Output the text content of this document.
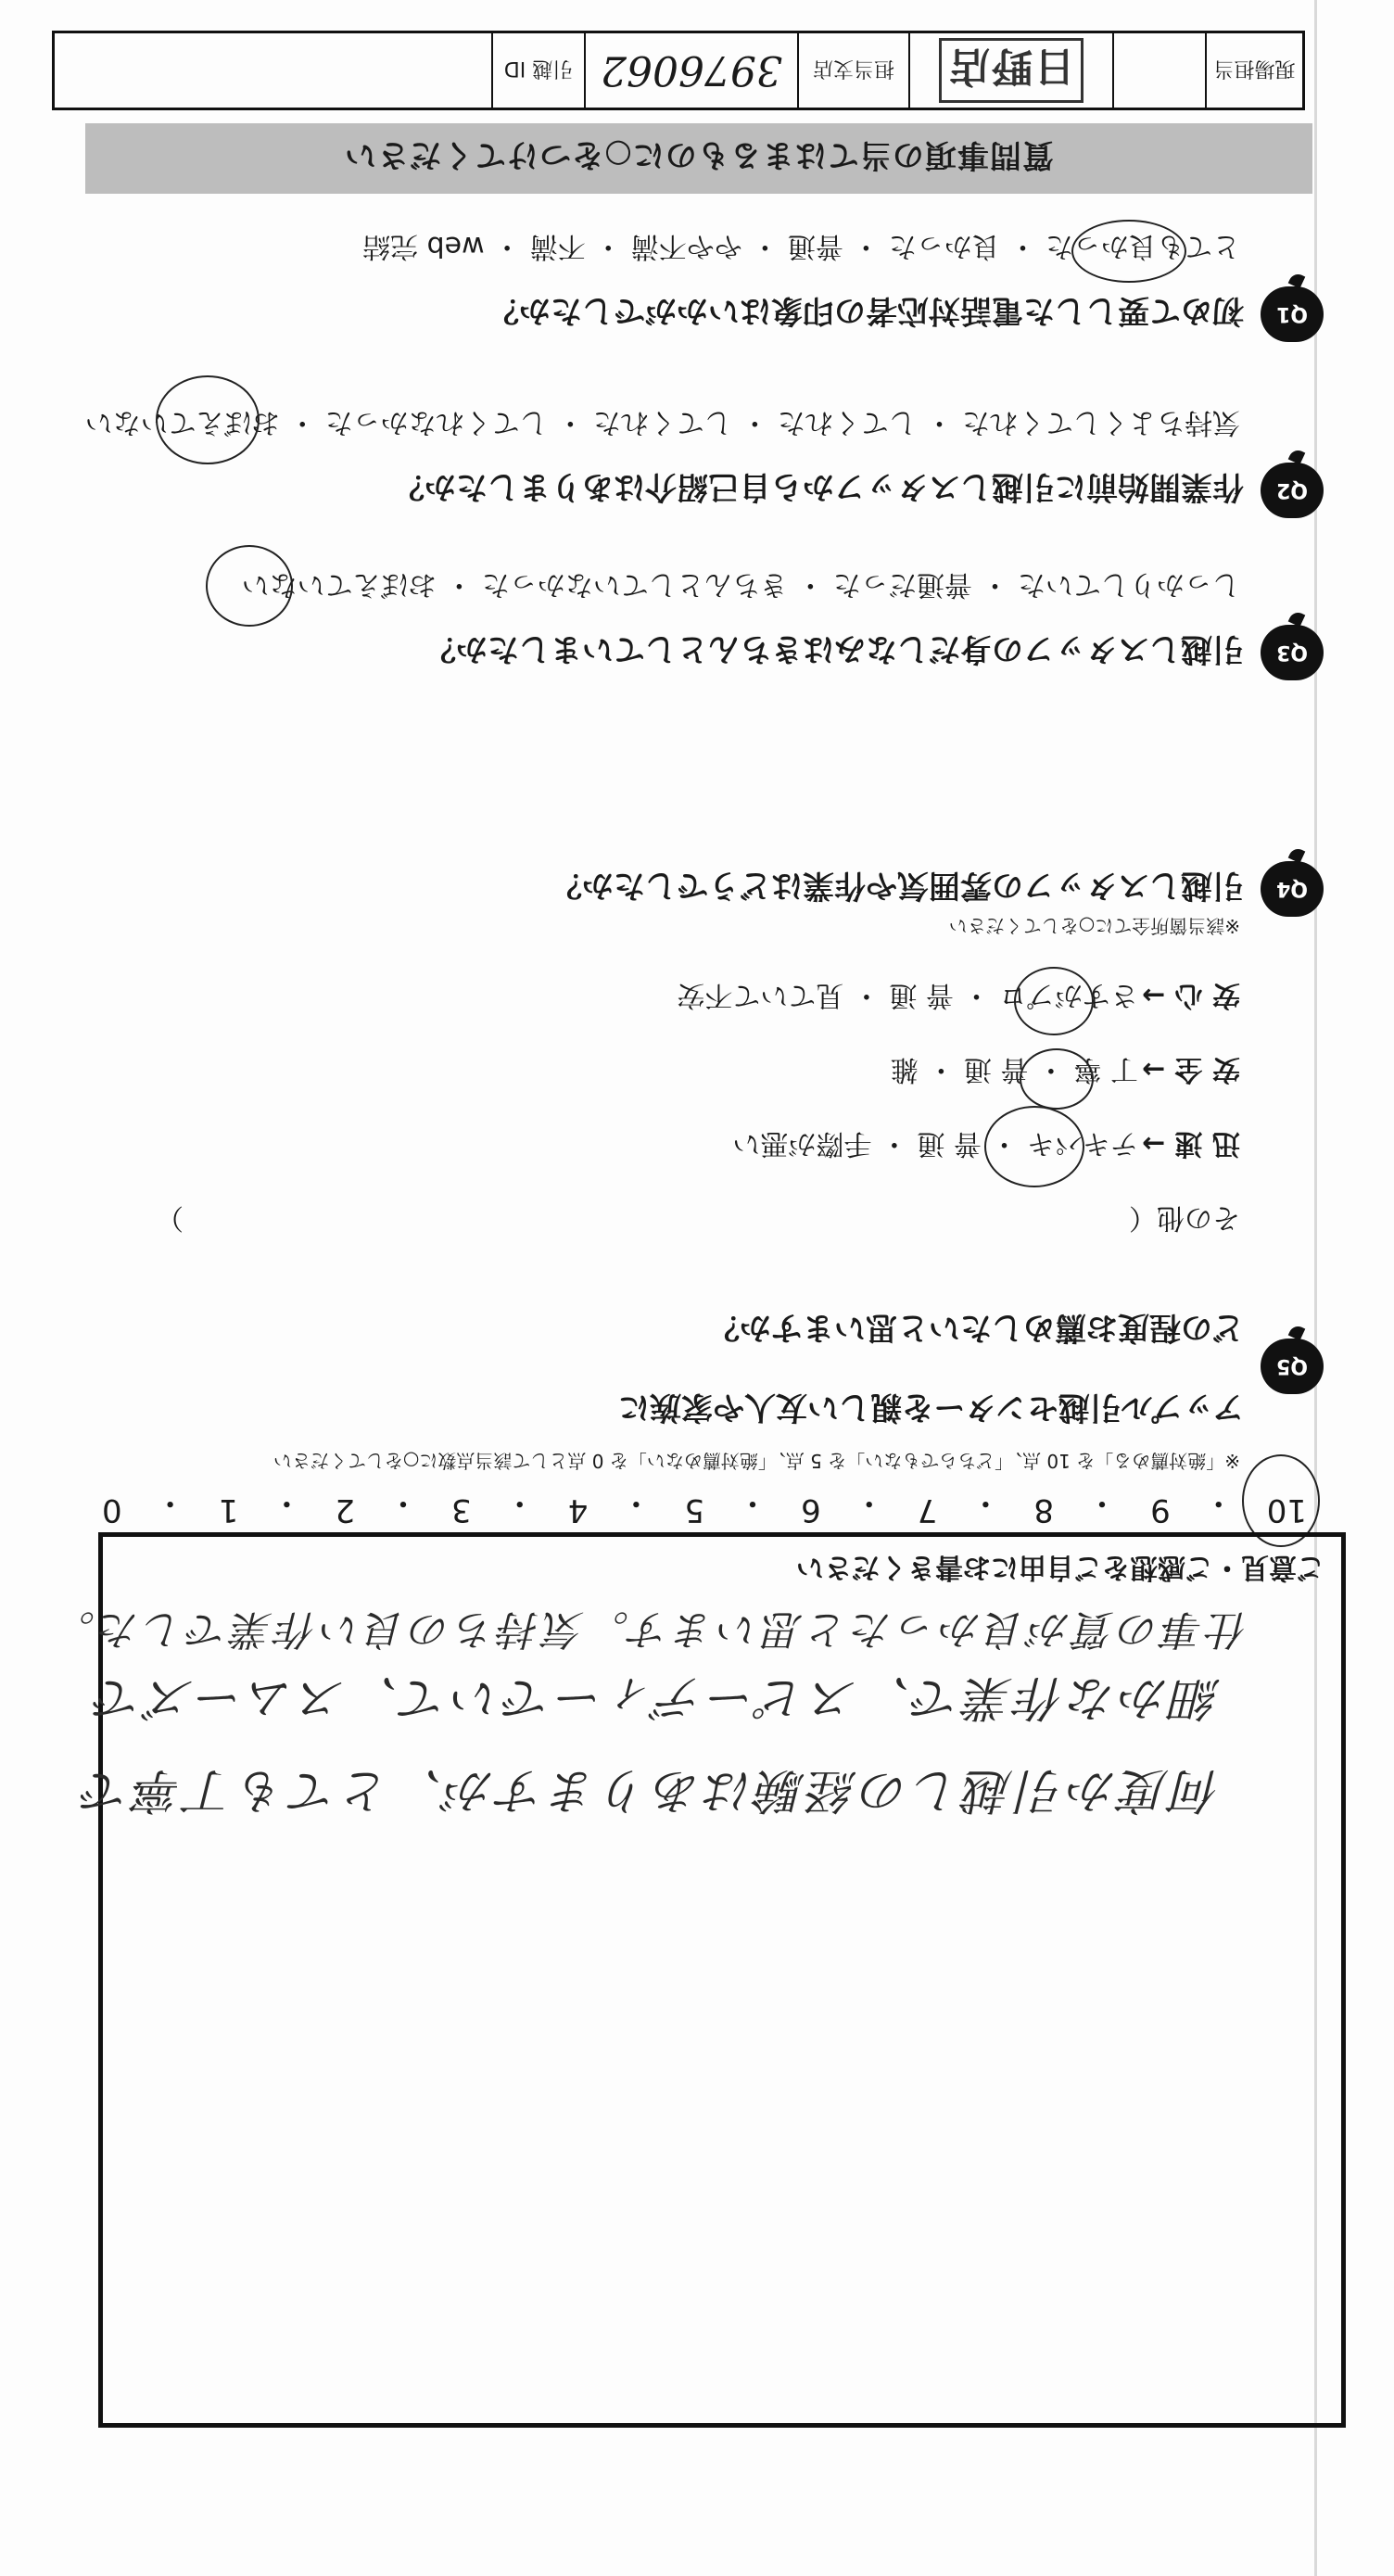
質問事項の当てはまるものに○をつけてください
Q1
初めて要しした電話対応者の印象はいかがでしたか？
とても良かった ・ 良かった ・ 普通 ・ やや不満 ・ 不満 ・ web 完結
Q2
作業開始前に引越しスタッフから自己紹介はありましたか？
気持ちよくしてくれた ・ してくれた ・ してくれた ・ してくれなかった ・ おぼえていない
Q3
引越しスタッフの身だしなみはきちんとしていましたか？
しっかりしていた ・ 普通だった ・ きちんとしていなかった ・ おぼえていない
Q4
引越しスタッフの雰囲気や作業はどうでしたか？
※該当箇所全てに○をしてください
安 心 →さすがプロ ・ 普 通 ・ 見ていて不安
安 全 →丁 寧 ・ 普 通 ・ 雑
迅 速 →テキパキ ・ 普 通 ・ 手際が悪い
その他（　　　　　　　　　　　　　　　　　　　　　　　　　　　　　　　　　　）
Q5
アップル引越センターを親しい友人や家族に
どの程度お薦めしたいと思いますか？
※「絶対薦める」を 10 点、「どちらでもない」を 5 点、「絶対薦めない」を 0 点として該当点数に○をしてください
10
・
9
・
8
・
7
・
6
・
5
・
4
・
3
・
2
・
1
・
0
ご意見・ご感想をご自由にお書きください
何度か引越しの経験はありますが、とても丁寧で
細かな作業で、スピーディーでいて、スムーズで
仕事の質が良かったと思います。気持ちの良い作業でした。
現場担当
日野店
担当支店
3976062
引越 ID
